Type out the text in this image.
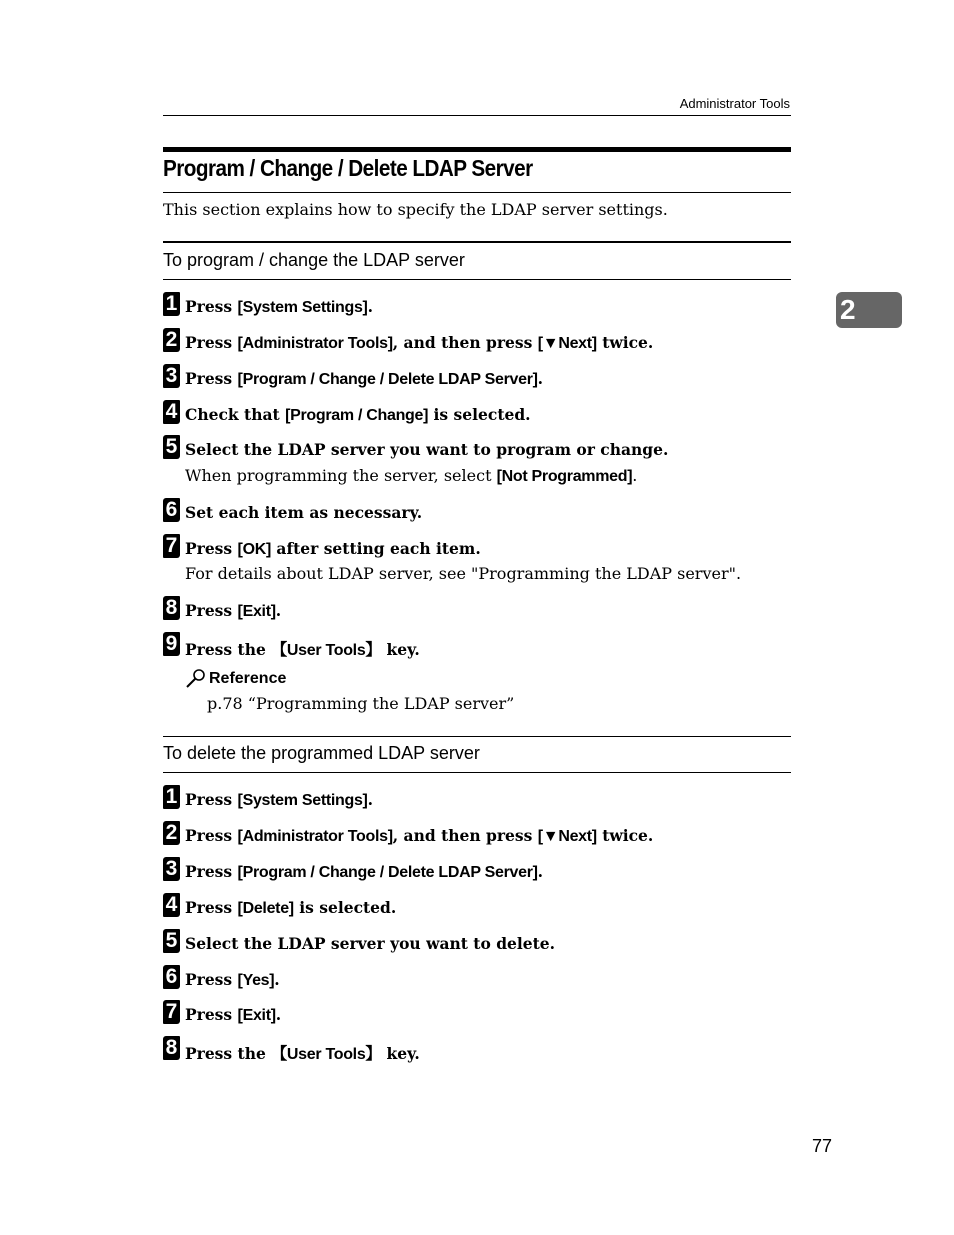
Administrator Tools
Program / Change / Delete LDAP Server
This section explains how to specify the LDAP server settings.
2
To program / change the LDAP server
1 Press [System Settings].
2 Press [Administrator Tools], and then press [▼Next] twice.
3 Press [Program / Change / Delete LDAP Server].
4 Check that [Program / Change] is selected.
5 Select the LDAP server you want to program or change.
When programming the server, select [Not Programmed].
6 Set each item as necessary.
7 Press [OK] after setting each item.
For details about LDAP server, see "Programming the LDAP server".
8 Press [Exit].
9 Press the 【User Tools】 key.
Reference
p.78 “Programming the LDAP server”
To delete the programmed LDAP server
1 Press [System Settings].
2 Press [Administrator Tools], and then press [▼Next] twice.
3 Press [Program / Change / Delete LDAP Server].
4 Press [Delete] is selected.
5 Select the LDAP server you want to delete.
6 Press [Yes].
7 Press [Exit].
8 Press the 【User Tools】 key.
77
